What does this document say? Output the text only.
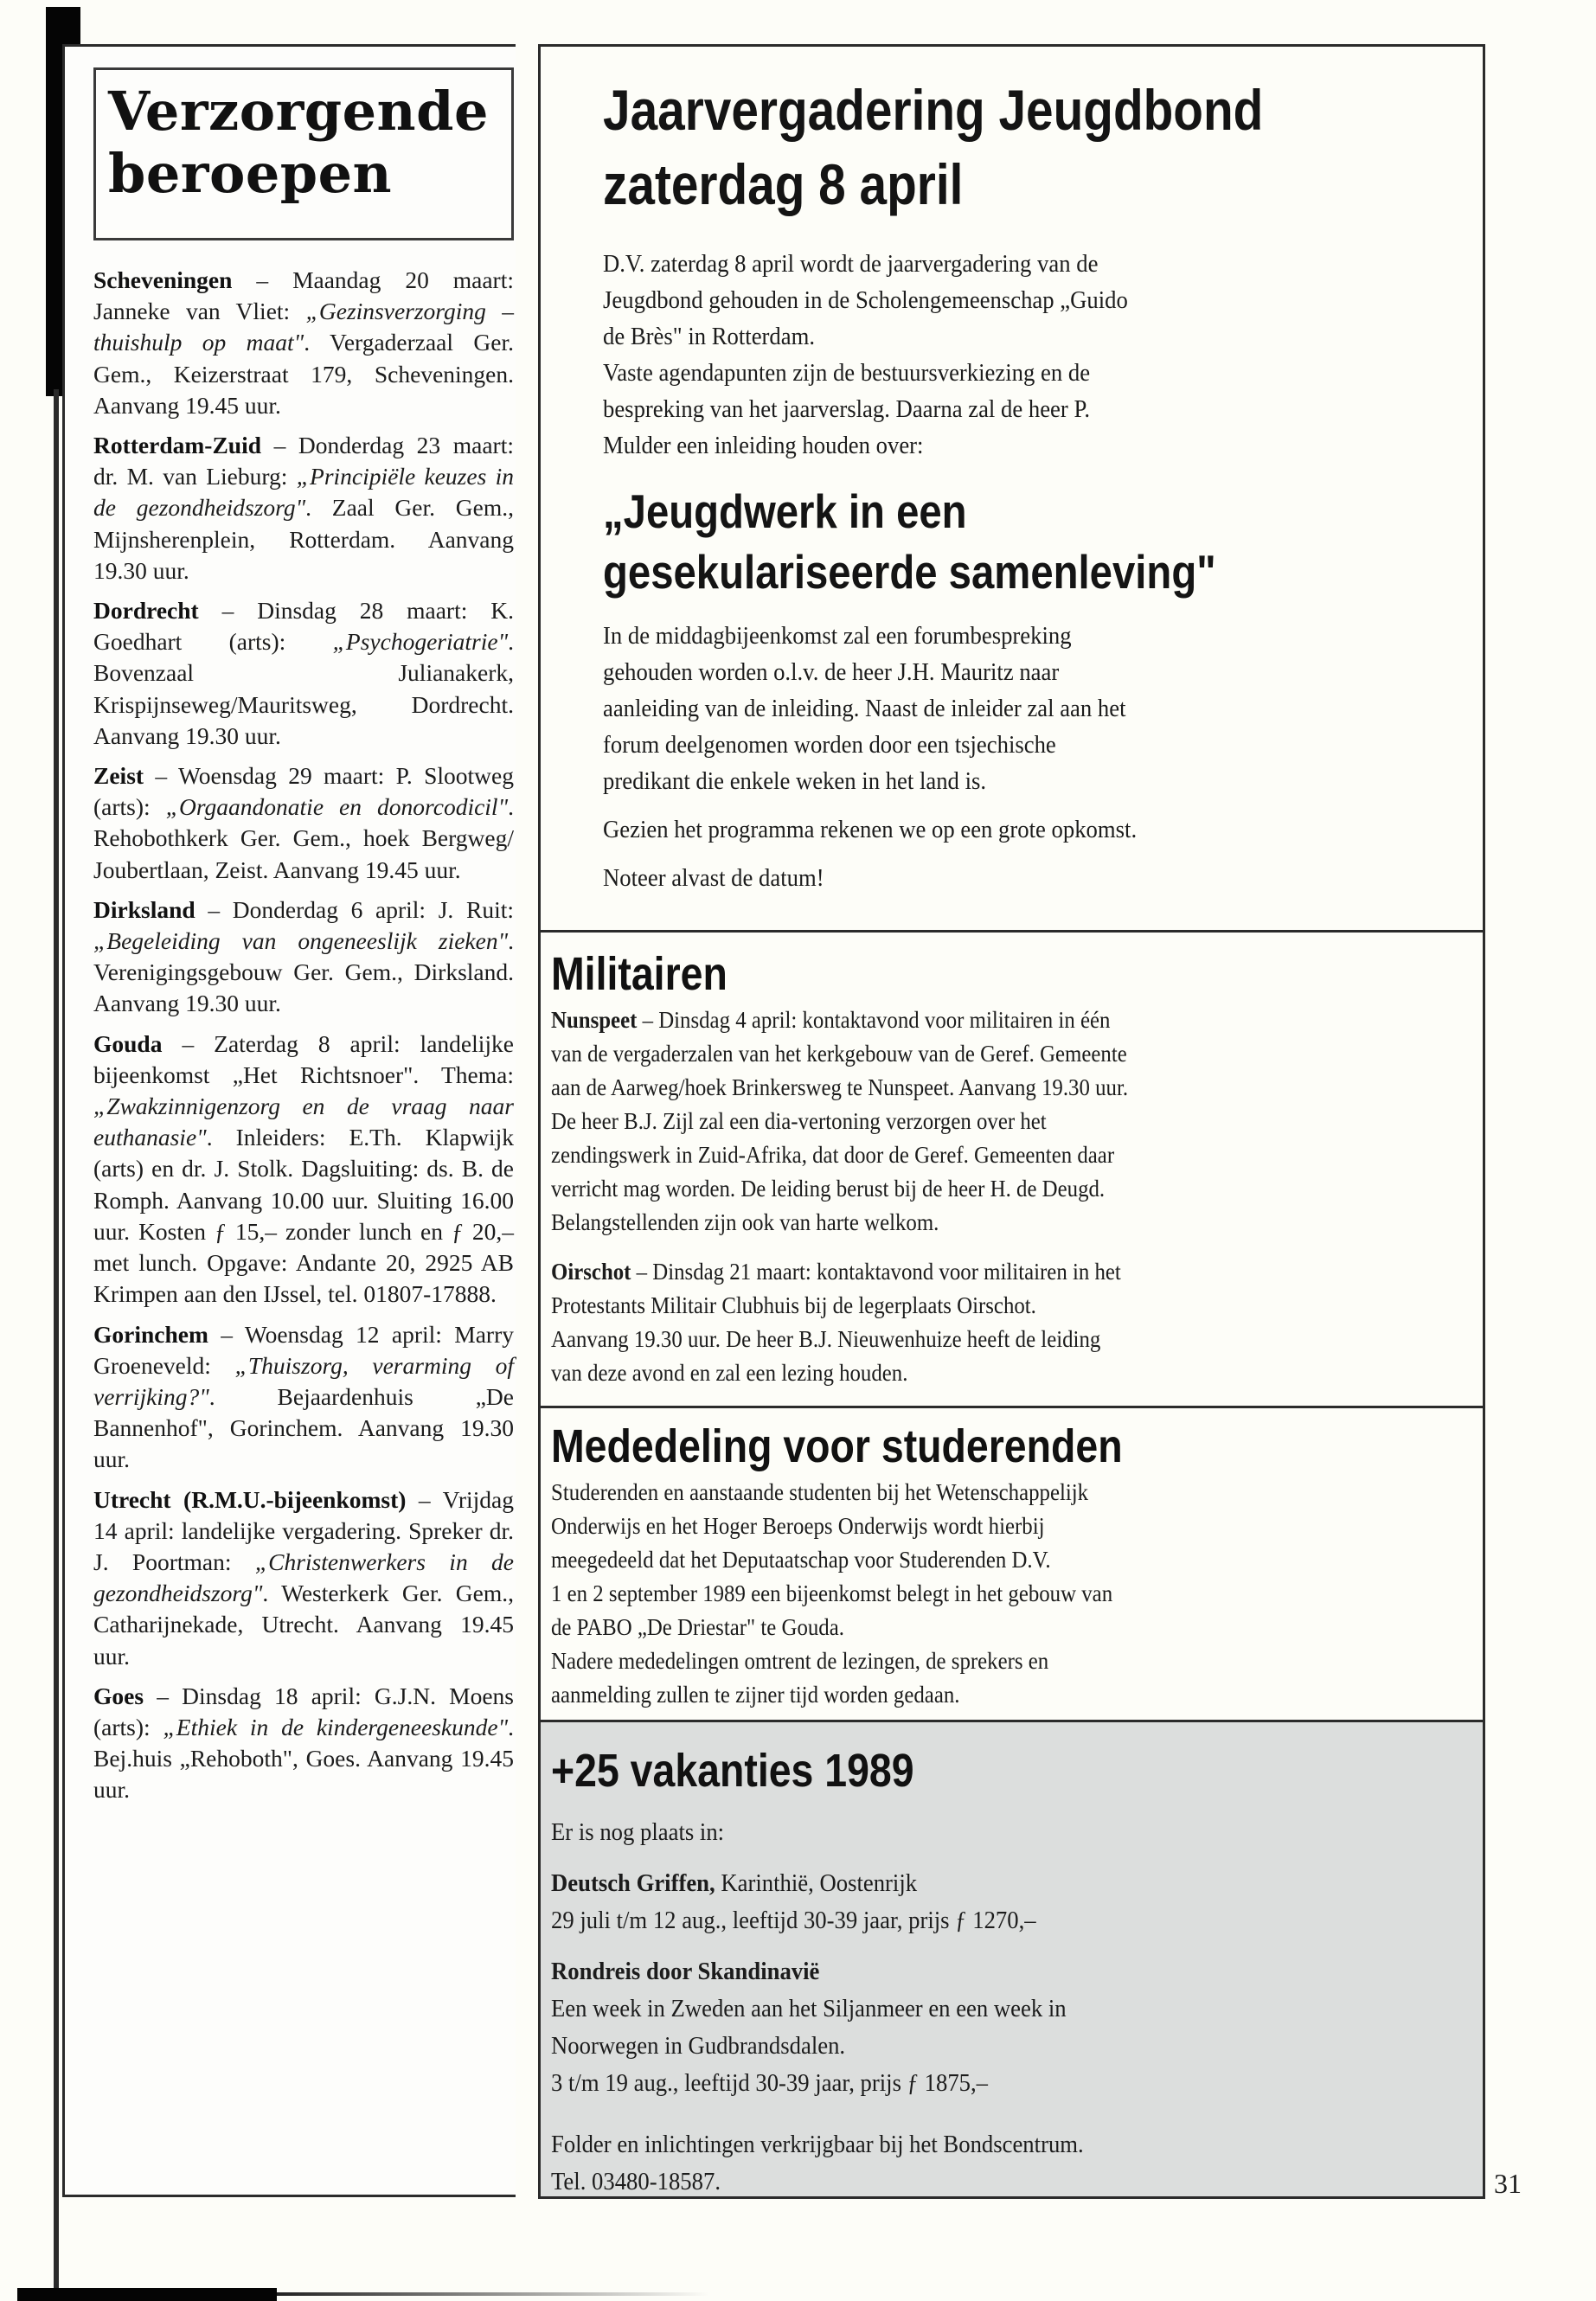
Verzorgende
beroepen

Scheveningen – Maandag 20 maart: Janneke van Vliet: „Gezinsverzorging – thuishulp op maat". Vergaderzaal Ger. Gem., Keizerstraat 179, Scheveningen. Aanvang 19.45 uur.

Rotterdam-Zuid – Donderdag 23 maart: dr. M. van Lieburg: „Principiële keuzes in de gezondheidszorg". Zaal Ger. Gem., Mijnsherenplein, Rotterdam. Aanvang 19.30 uur.

Dordrecht – Dinsdag 28 maart: K. Goedhart (arts): „Psychogeriatrie". Bovenzaal Julianakerk, Krispijnseweg/Mauritsweg, Dordrecht. Aanvang 19.30 uur.

Zeist – Woensdag 29 maart: P. Slootweg (arts): „Orgaandonatie en donorcodicil". Rehobothkerk Ger. Gem., hoek Bergweg/ Joubertlaan, Zeist. Aanvang 19.45 uur.

Dirksland – Donderdag 6 april: J. Ruit: „Begeleiding van ongeneeslijk zieken". Verenigingsgebouw Ger. Gem., Dirksland. Aanvang 19.30 uur.

Gouda – Zaterdag 8 april: landelijke bijeenkomst „Het Richtsnoer". Thema: „Zwakzinnigenzorg en de vraag naar euthanasie". Inleiders: E.Th. Klapwijk (arts) en dr. J. Stolk. Dagsluiting: ds. B. de Romph. Aanvang 10.00 uur. Sluiting 16.00 uur. Kosten ƒ 15,– zonder lunch en ƒ 20,– met lunch. Opgave: Andante 20, 2925 AB Krimpen aan den IJssel, tel. 01807-17888.

Gorinchem – Woensdag 12 april: Marry Groeneveld: „Thuiszorg, verarming of verrijking?". Bejaardenhuis „De Bannenhof", Gorinchem. Aanvang 19.30 uur.

Utrecht (R.M.U.-bijeenkomst) – Vrijdag 14 april: landelijke vergadering. Spreker dr. J. Poortman: „Christenwerkers in de gezondheidszorg". Westerkerk Ger. Gem., Catharijnekade, Utrecht. Aanvang 19.45 uur.

Goes – Dinsdag 18 april: G.J.N. Moens (arts): „Ethiek in de kindergeneeskunde". Bej.huis „Rehoboth", Goes. Aanvang 19.45 uur.

Jaarvergadering Jeugdbond
zaterdag 8 april

D.V. zaterdag 8 april wordt de jaarvergadering van de

Jeugdbond gehouden in de Scholengemeenschap „Guido

de Brès" in Rotterdam.

Vaste agendapunten zijn de bestuursverkiezing en de

bespreking van het jaarverslag. Daarna zal de heer P.

Mulder een inleiding houden over:

„Jeugdwerk in een
gesekulariseerde samenleving"

In de middagbijeenkomst zal een forumbespreking

gehouden worden o.l.v. de heer J.H. Mauritz naar

aanleiding van de inleiding. Naast de inleider zal aan het

forum deelgenomen worden door een tsjechische

predikant die enkele weken in het land is.

Gezien het programma rekenen we op een grote opkomst.

Noteer alvast de datum!

Militairen

Nunspeet – Dinsdag 4 april: kontaktavond voor militairen in één

van de vergaderzalen van het kerkgebouw van de Geref. Gemeente

aan de Aarweg/hoek Brinkersweg te Nunspeet. Aanvang 19.30 uur.

De heer B.J. Zijl zal een dia-vertoning verzorgen over het

zendingswerk in Zuid-Afrika, dat door de Geref. Gemeenten daar

verricht mag worden. De leiding berust bij de heer H. de Deugd.

Belangstellenden zijn ook van harte welkom.

Oirschot – Dinsdag 21 maart: kontaktavond voor militairen in het

Protestants Militair Clubhuis bij de legerplaats Oirschot.

Aanvang 19.30 uur. De heer B.J. Nieuwenhuize heeft de leiding

van deze avond en zal een lezing houden.

Mededeling voor studerenden

Studerenden en aanstaande studenten bij het Wetenschappelijk

Onderwijs en het Hoger Beroeps Onderwijs wordt hierbij

meegedeeld dat het Deputaatschap voor Studerenden D.V.

1 en 2 september 1989 een bijeenkomst belegt in het gebouw van

de PABO „De Driestar" te Gouda.

Nadere mededelingen omtrent de lezingen, de sprekers en

aanmelding zullen te zijner tijd worden gedaan.

+25 vakanties 1989

Er is nog plaats in:

Deutsch Griffen, Karinthië, Oostenrijk

29 juli t/m 12 aug., leeftijd 30-39 jaar, prijs ƒ 1270,–

Rondreis door Skandinavië

Een week in Zweden aan het Siljanmeer en een week in

Noorwegen in Gudbrandsdalen.

3 t/m 19 aug., leeftijd 30-39 jaar, prijs ƒ 1875,–

Folder en inlichtingen verkrijgbaar bij het Bondscentrum.

Tel. 03480-18587.	31
